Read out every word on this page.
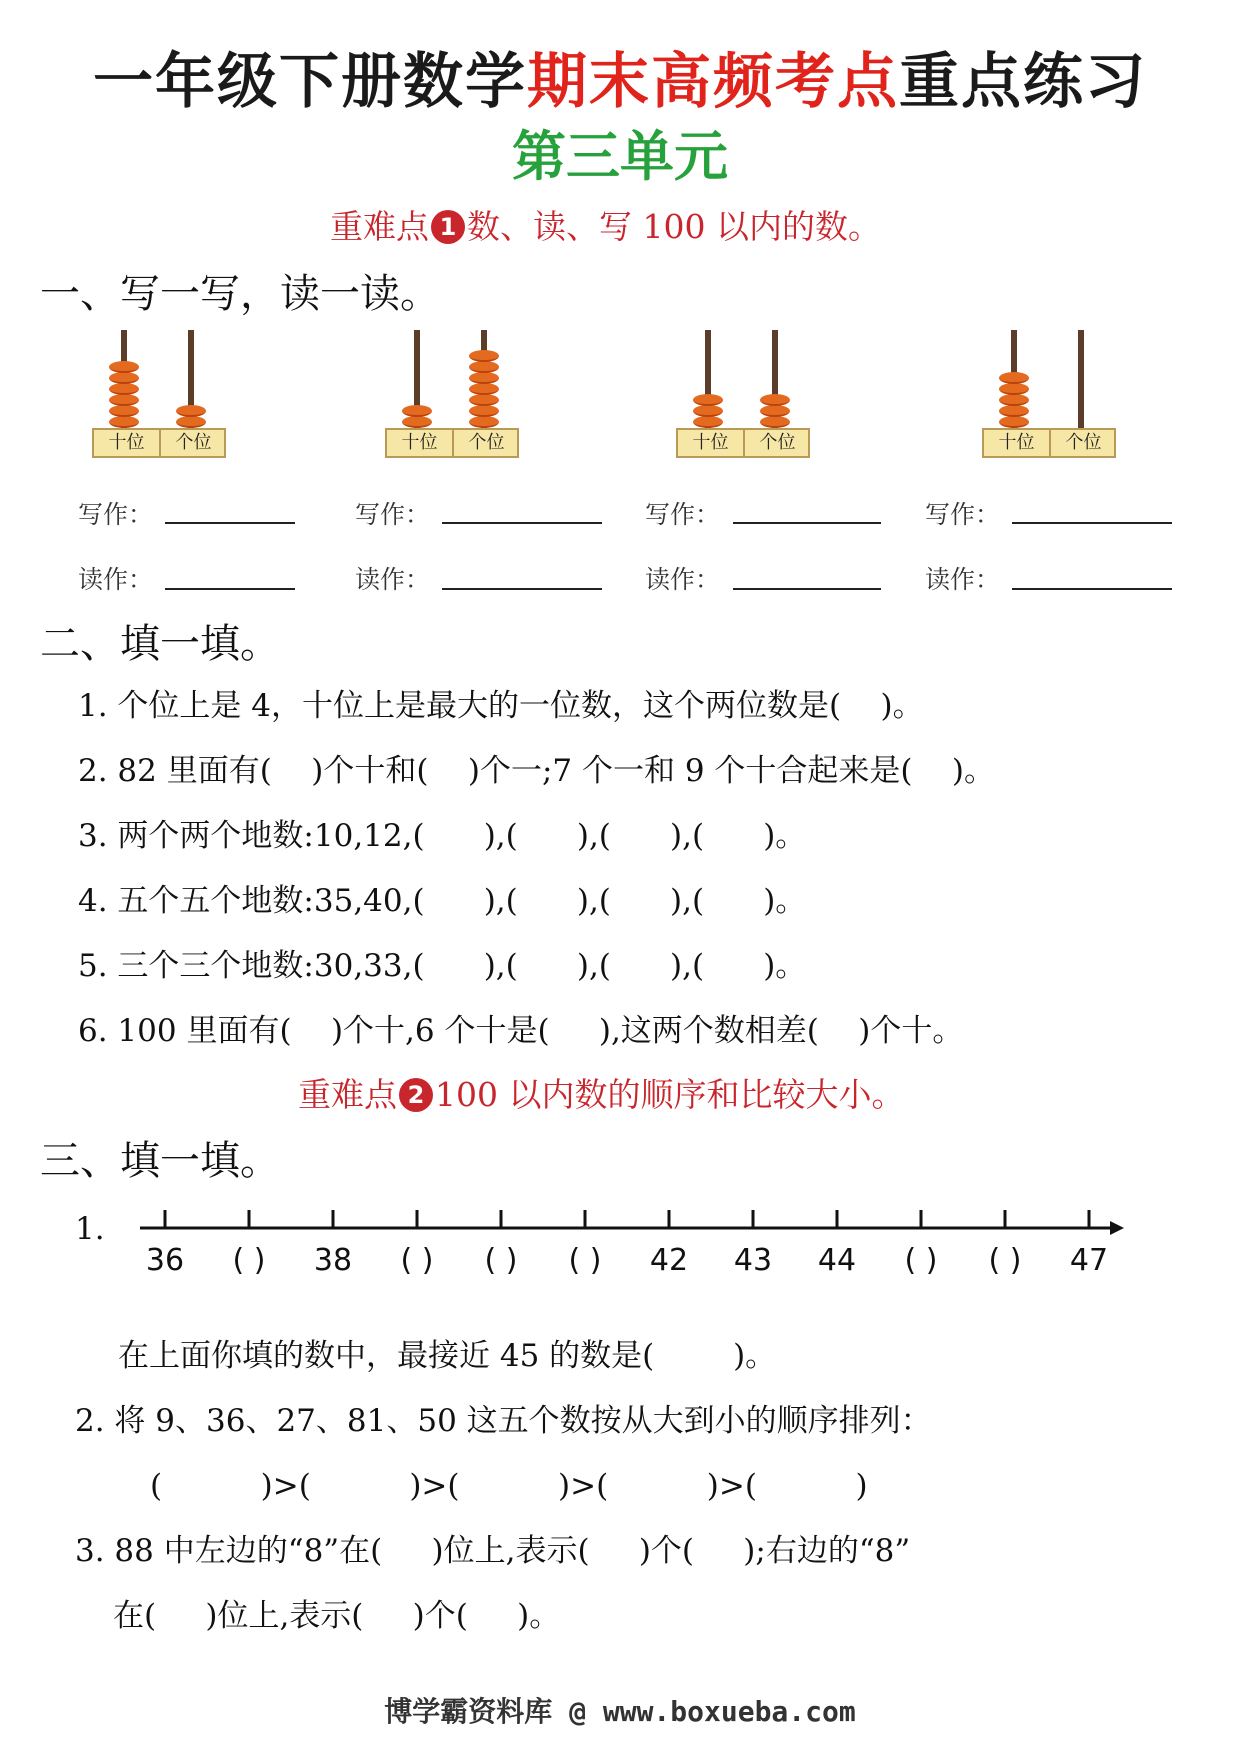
一年级下册数学期末高频考点重点练习
第三单元
重难点 1 数、读、写 100 以内的数。
一、写一写，读一读。
十位	个位	十位	个位	十位	个位	十位	个位
写作：	写作：	写作：	写作：
读作：	读作：	读作：	读作：
二、填一填。
1. 个位上是 4，十位上是最大的一位数，这个两位数是(    )。
2. 82 里面有(    )个十和(    )个一;7 个一和 9 个十合起来是(    )。
3. 两个两个地数:10,12,(      ),(      ),(      ),(      )。
4. 五个五个地数:35,40,(      ),(      ),(      ),(      )。
5. 三个三个地数:30,33,(      ),(      ),(      ),(      )。
6. 100 里面有(    )个十,6 个十是(     ),这两个数相差(    )个十。
重难点 2 100 以内数的顺序和比较大小。
三、填一填。
1.
36 ( ) 38 ( ) ( ) ( ) 42 43 44 ( ) ( ) 47
在上面你填的数中，最接近 45 的数是(        )。
2. 将 9、36、27、81、50 这五个数按从大到小的顺序排列：
(          )>(          )>(          )>(          )>(          )
3. 88 中左边的“8”在(     )位上,表示(     )个(     );右边的“8”
在(     )位上,表示(     )个(     )。
博学霸资料库 @ www.boxueba.com
